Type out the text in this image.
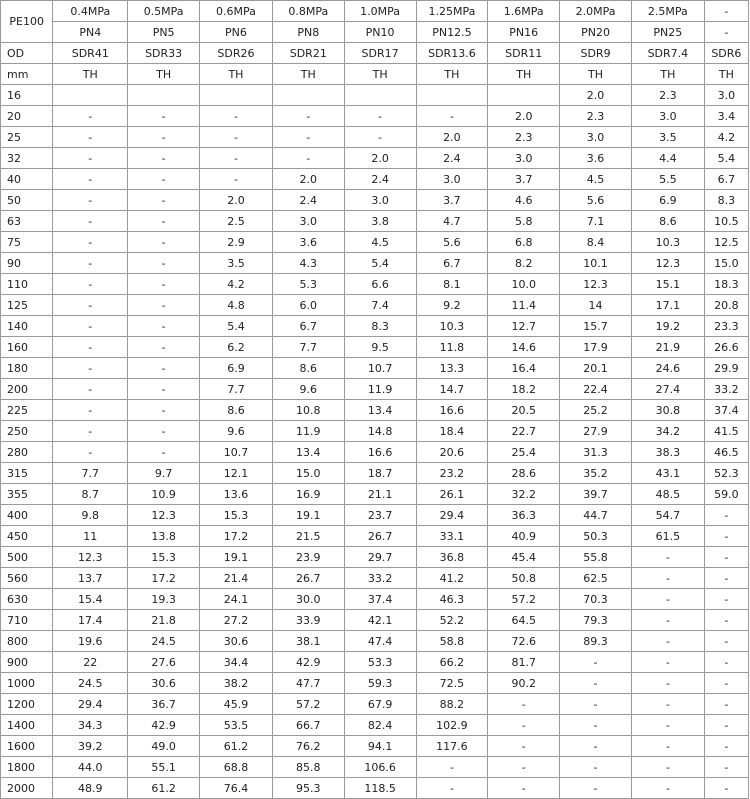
PE100	0.4MPa	0.5MPa	0.6MPa	0.8MPa	1.0MPa	1.25MPa	1.6MPa	2.0MPa	2.5MPa	-
	PN4	PN5	PN6	PN8	PN10	PN12.5	PN16	PN20	PN25	-
OD	SDR41	SDR33	SDR26	SDR21	SDR17	SDR13.6	SDR11	SDR9	SDR7.4	SDR6
mm	TH	TH	TH	TH	TH	TH	TH	TH	TH	TH
16								2.0	2.3	3.0
20	-	-	-	-	-	-	2.0	2.3	3.0	3.4
25	-	-	-	-	-	2.0	2.3	3.0	3.5	4.2
32	-	-	-	-	2.0	2.4	3.0	3.6	4.4	5.4
40	-	-	-	2.0	2.4	3.0	3.7	4.5	5.5	6.7
50	-	-	2.0	2.4	3.0	3.7	4.6	5.6	6.9	8.3
63	-	-	2.5	3.0	3.8	4.7	5.8	7.1	8.6	10.5
75	-	-	2.9	3.6	4.5	5.6	6.8	8.4	10.3	12.5
90	-	-	3.5	4.3	5.4	6.7	8.2	10.1	12.3	15.0
110	-	-	4.2	5.3	6.6	8.1	10.0	12.3	15.1	18.3
125	-	-	4.8	6.0	7.4	9.2	11.4	14	17.1	20.8
140	-	-	5.4	6.7	8.3	10.3	12.7	15.7	19.2	23.3
160	-	-	6.2	7.7	9.5	11.8	14.6	17.9	21.9	26.6
180	-	-	6.9	8.6	10.7	13.3	16.4	20.1	24.6	29.9
200	-	-	7.7	9.6	11.9	14.7	18.2	22.4	27.4	33.2
225	-	-	8.6	10.8	13.4	16.6	20.5	25.2	30.8	37.4
250	-	-	9.6	11.9	14.8	18.4	22.7	27.9	34.2	41.5
280	-	-	10.7	13.4	16.6	20.6	25.4	31.3	38.3	46.5
315	7.7	9.7	12.1	15.0	18.7	23.2	28.6	35.2	43.1	52.3
355	8.7	10.9	13.6	16.9	21.1	26.1	32.2	39.7	48.5	59.0
400	9.8	12.3	15.3	19.1	23.7	29.4	36.3	44.7	54.7	-
450	11	13.8	17.2	21.5	26.7	33.1	40.9	50.3	61.5	-
500	12.3	15.3	19.1	23.9	29.7	36.8	45.4	55.8	-	-
560	13.7	17.2	21.4	26.7	33.2	41.2	50.8	62.5	-	-
630	15.4	19.3	24.1	30.0	37.4	46.3	57.2	70.3	-	-
710	17.4	21.8	27.2	33.9	42.1	52.2	64.5	79.3	-	-
800	19.6	24.5	30.6	38.1	47.4	58.8	72.6	89.3	-	-
900	22	27.6	34.4	42.9	53.3	66.2	81.7	-	-	-
1000	24.5	30.6	38.2	47.7	59.3	72.5	90.2	-	-	-
1200	29.4	36.7	45.9	57.2	67.9	88.2	-	-	-	-
1400	34.3	42.9	53.5	66.7	82.4	102.9	-	-	-	-
1600	39.2	49.0	61.2	76.2	94.1	117.6	-	-	-	-
1800	44.0	55.1	68.8	85.8	106.6	-	-	-	-	-
2000	48.9	61.2	76.4	95.3	118.5	-	-	-	-	-
